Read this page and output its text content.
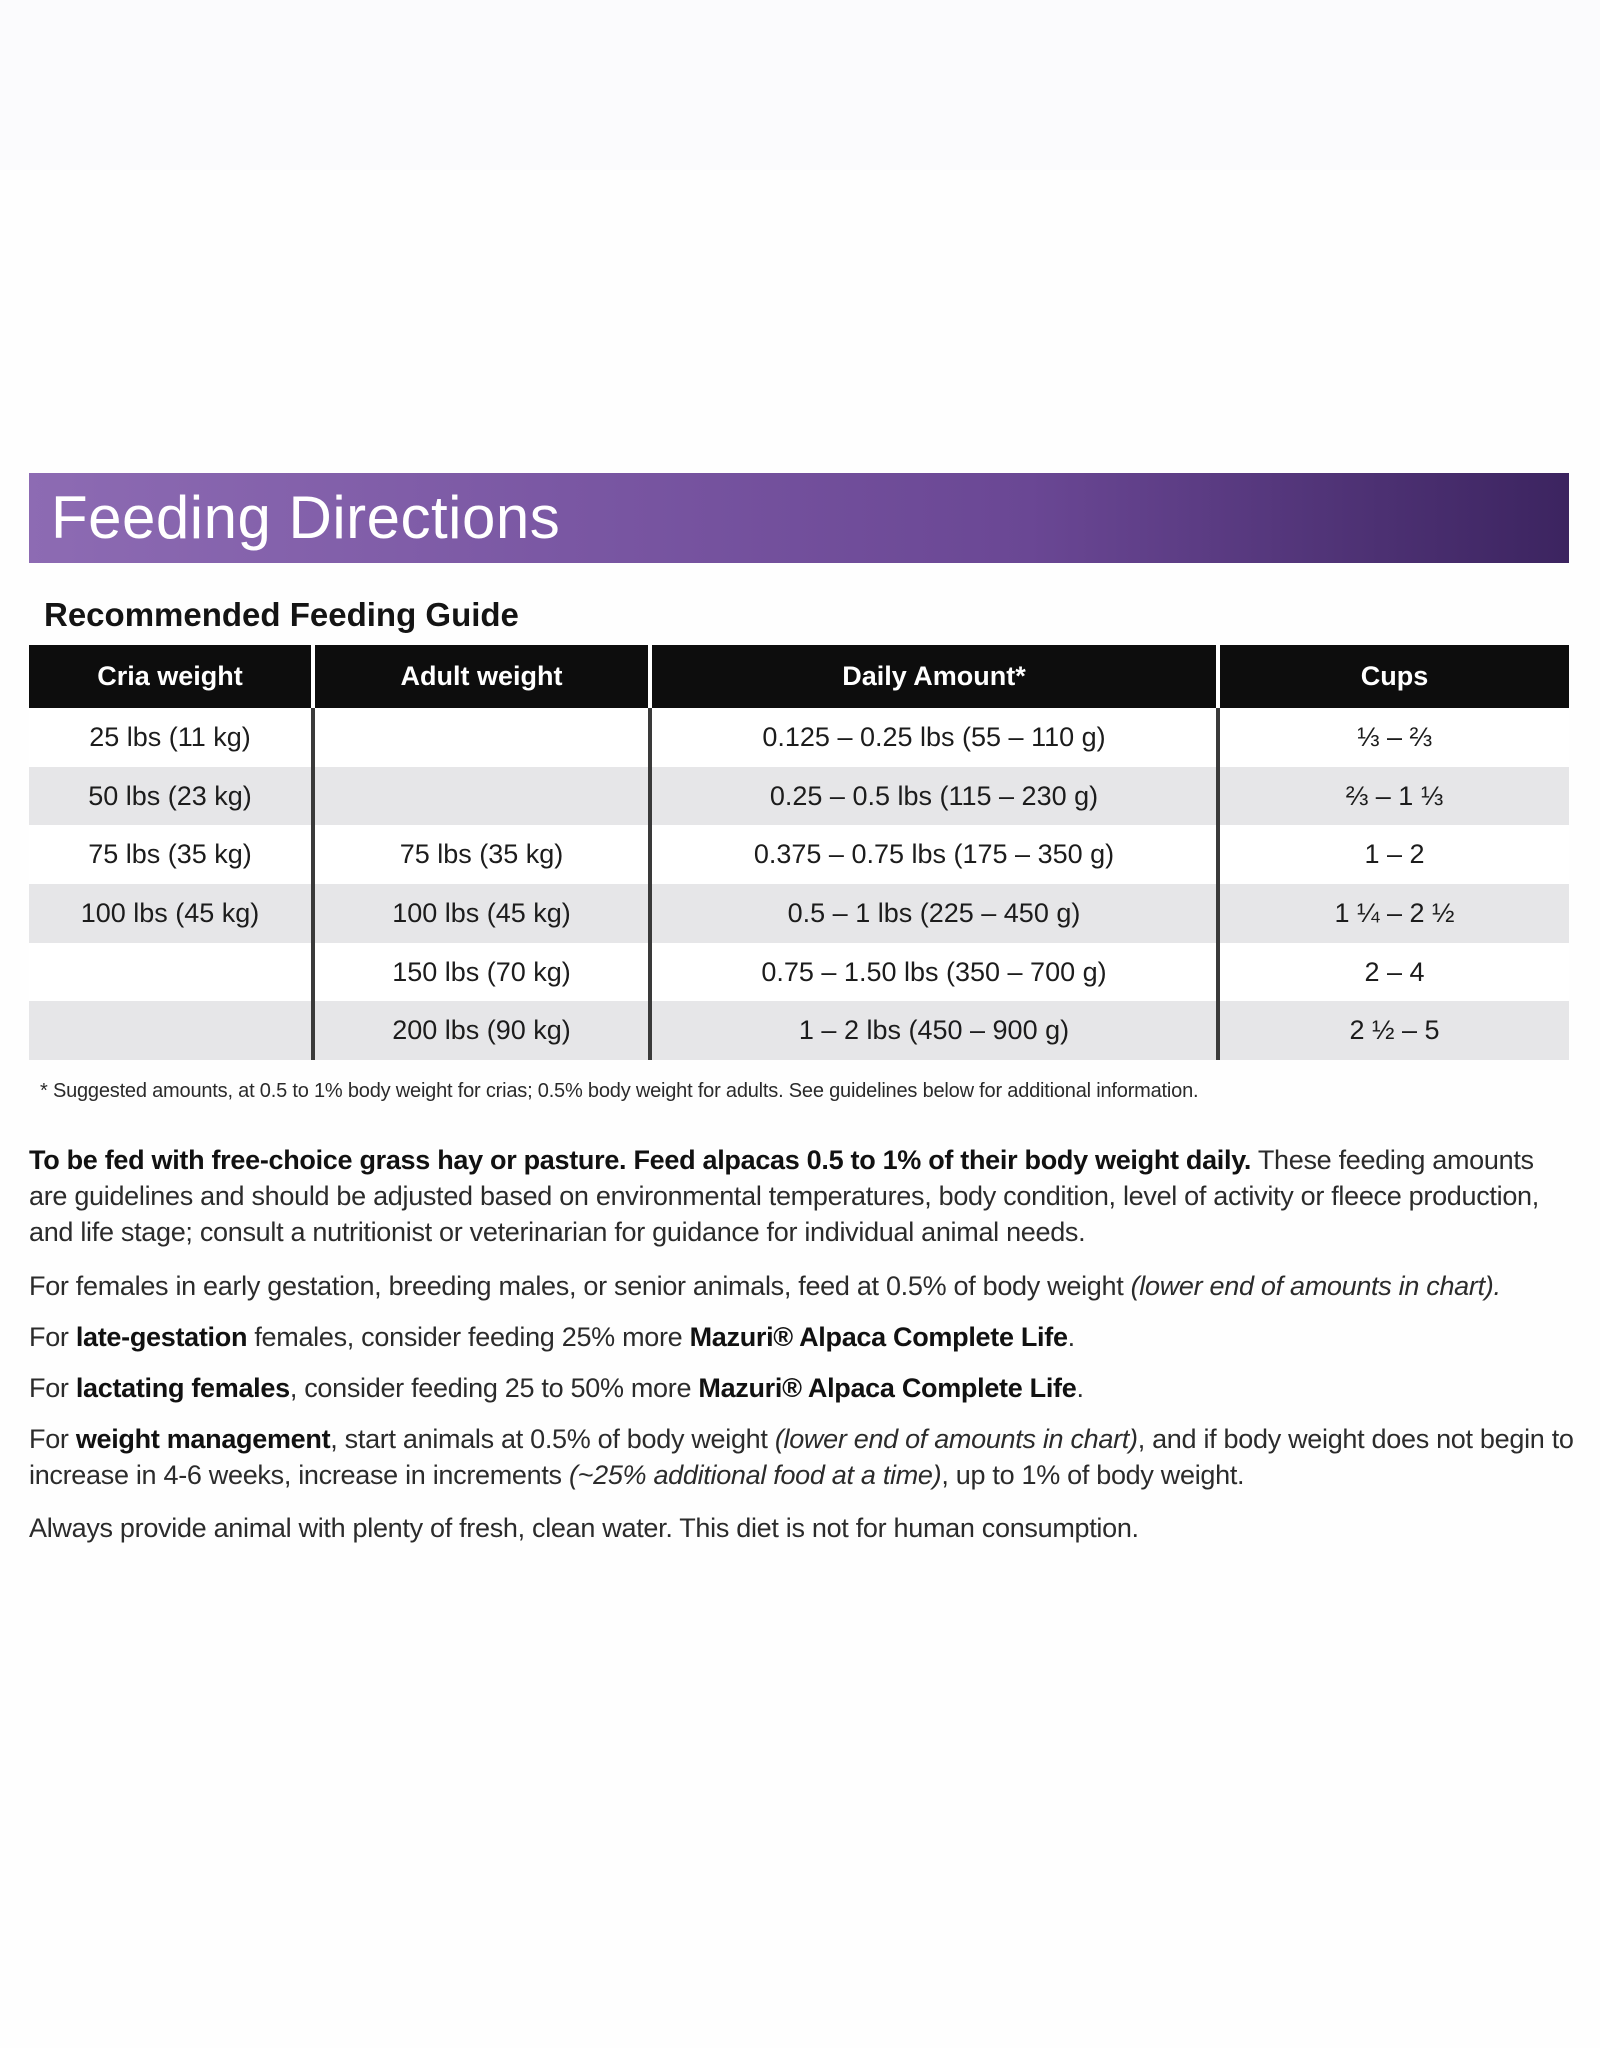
Feeding Directions
Recommended Feeding Guide
Cria weight	Adult weight	Daily Amount*	Cups
25 lbs (11 kg)		0.125 – 0.25 lbs (55 – 110 g)	⅓ – ⅔
50 lbs (23 kg)		0.25 – 0.5 lbs (115 – 230 g)	⅔ – 1 ⅓
75 lbs (35 kg)	75 lbs (35 kg)	0.375 – 0.75 lbs (175 – 350 g)	1 – 2
100 lbs (45 kg)	100 lbs (45 kg)	0.5 – 1 lbs (225 – 450 g)	1 ¼ – 2 ½
	150 lbs (70 kg)	0.75 – 1.50 lbs (350 – 700 g)	2 – 4
	200 lbs (90 kg)	1 – 2 lbs (450 – 900 g)	2 ½ – 5
* Suggested amounts, at 0.5 to 1% body weight for crias; 0.5% body weight for adults. See guidelines below for additional information.
To be fed with free-choice grass hay or pasture. Feed alpacas 0.5 to 1% of their body weight daily. These feeding amounts are guidelines and should be adjusted based on environmental temperatures, body condition, level of activity or fleece production, and life stage; consult a nutritionist or veterinarian for guidance for individual animal needs.
For females in early gestation, breeding males, or senior animals, feed at 0.5% of body weight (lower end of amounts in chart).
For late-gestation females, consider feeding 25% more Mazuri® Alpaca Complete Life.
For lactating females, consider feeding 25 to 50% more Mazuri® Alpaca Complete Life.
For weight management, start animals at 0.5% of body weight (lower end of amounts in chart), and if body weight does not begin to increase in 4-6 weeks, increase in increments (~25% additional food at a time), up to 1% of body weight.
Always provide animal with plenty of fresh, clean water. This diet is not for human consumption.
